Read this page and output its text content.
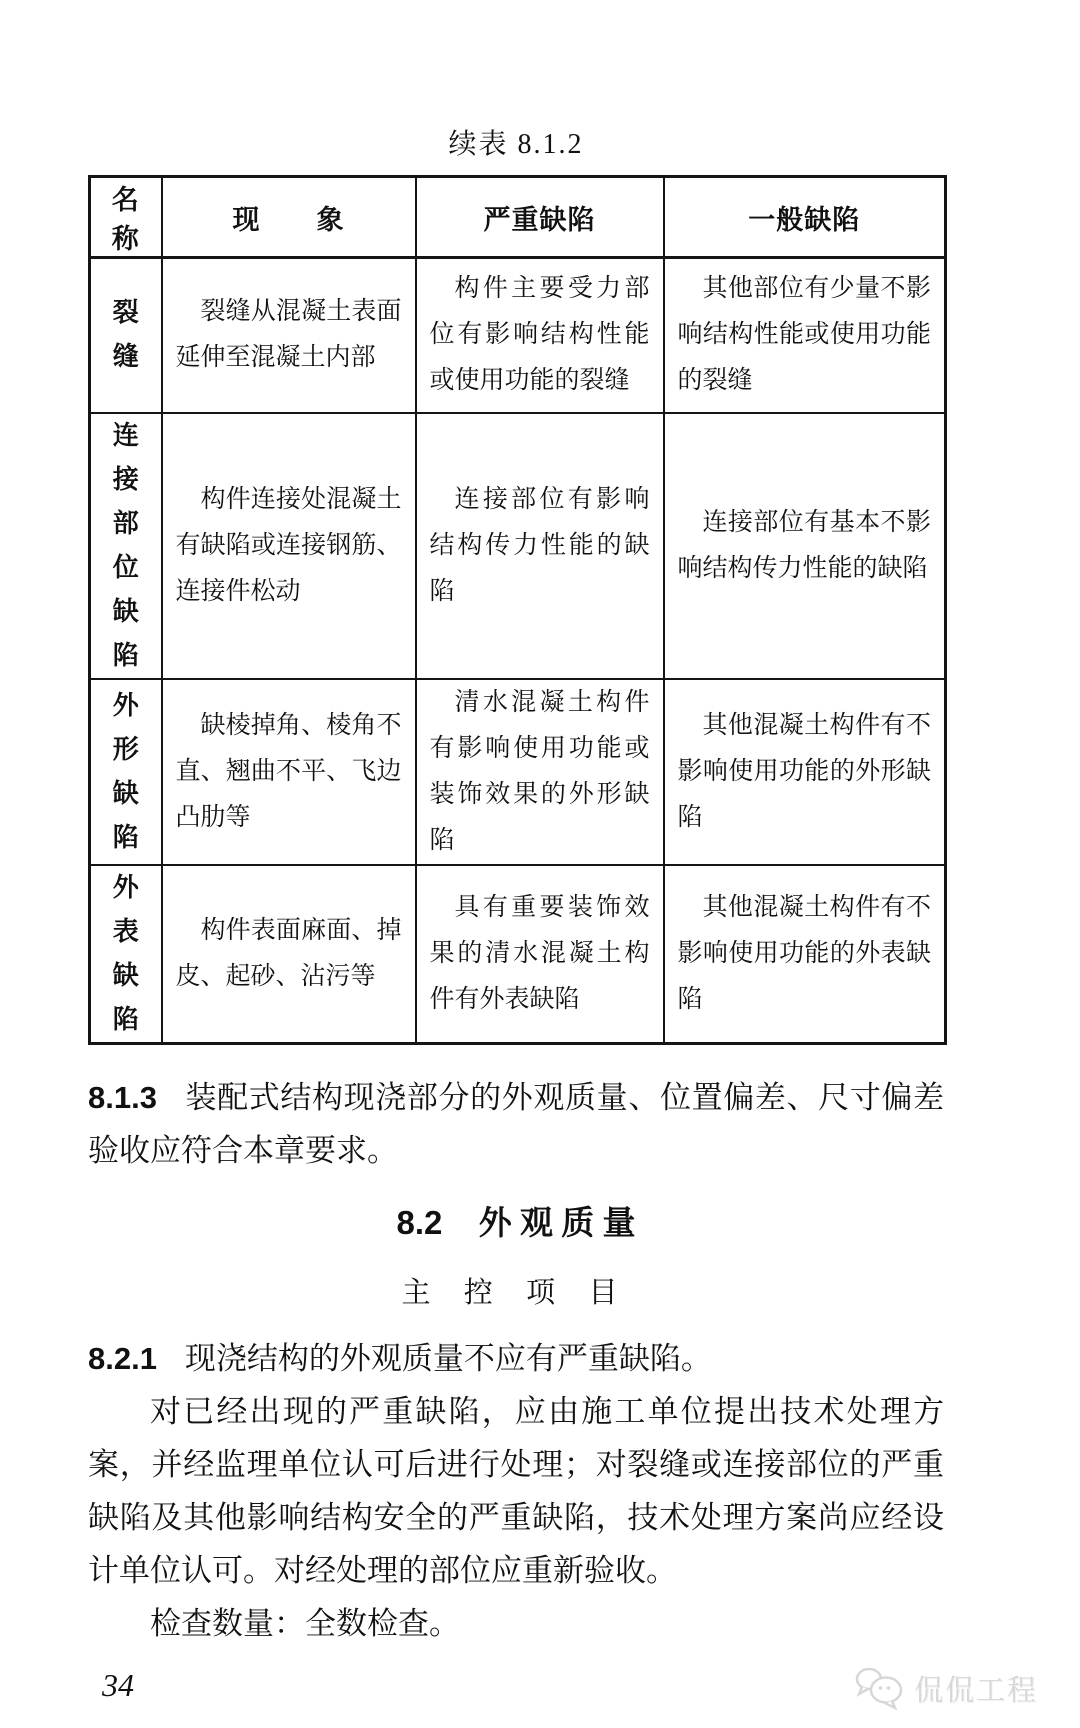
续表 8.1.2
名称	现　　象	严重缺陷	一般缺陷
裂缝	裂缝从混凝土表面延伸至混凝土内部	构件主要受力部位有影响结构性能或使用功能的裂缝	其他部位有少量不影响结构性能或使用功能的裂缝
连接部位缺陷	构件连接处混凝土有缺陷或连接钢筋、连接件松动	连接部位有影响结构传力性能的缺陷	连接部位有基本不影响结构传力性能的缺陷
外形缺陷	缺棱掉角、棱角不直、翘曲不平、飞边凸肋等	清水混凝土构件有影响使用功能或装饰效果的外形缺陷	其他混凝土构件有不影响使用功能的外形缺陷
外表缺陷	构件表面麻面、掉皮、起砂、沾污等	具有重要装饰效果的清水混凝土构件有外表缺陷	其他混凝土构件有不影响使用功能的外表缺陷
8.1.3 装配式结构现浇部分的外观质量、位置偏差、尺寸偏差验收应符合本章要求。
8.2 外 观 质 量
主 控 项 目
8.2.1 现浇结构的外观质量不应有严重缺陷。
对已经出现的严重缺陷，应由施工单位提出技术处理方案，并经监理单位认可后进行处理；对裂缝或连接部位的严重缺陷及其他影响结构安全的严重缺陷，技术处理方案尚应经设计单位认可。对经处理的部位应重新验收。
检查数量：全数检查。
34	侃侃工程
